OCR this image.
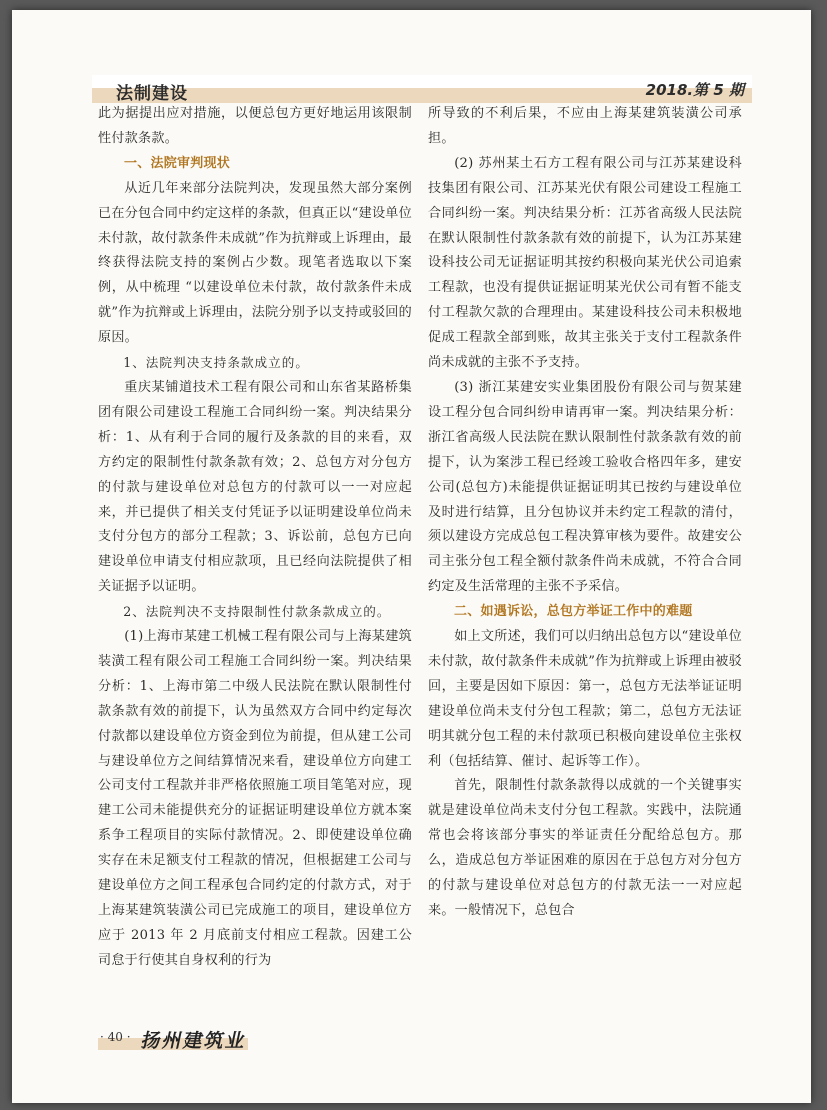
法制建设	2018.第 5 期

此为据提出应对措施，以便总包方更好地运用该限制性付款条款。

一、法院审判现状

从近几年来部分法院判决，发现虽然大部分案例已在分包合同中约定这样的条款，但真正以“建设单位未付款，故付款条件未成就”作为抗辩或上诉理由，最终获得法院支持的案例占少数。现笔者选取以下案例，从中梳理 “以建设单位未付款，故付款条件未成就”作为抗辩或上诉理由，法院分别予以支持或驳回的原因。

1、法院判决支持条款成立的。

重庆某铺道技术工程有限公司和山东省某路桥集团有限公司建设工程施工合同纠纷一案。判决结果分析：1、从有利于合同的履行及条款的目的来看，双方约定的限制性付款条款有效；2、总包方对分包方的付款与建设单位对总包方的付款可以一一对应起来，并已提供了相关支付凭证予以证明建设单位尚未支付分包方的部分工程款；3、诉讼前，总包方已向建设单位申请支付相应款项，且已经向法院提供了相关证据予以证明。

2、法院判决不支持限制性付款条款成立的。

(1)上海市某建工机械工程有限公司与上海某建筑装潢工程有限公司工程施工合同纠纷一案。判决结果分析：1、上海市第二中级人民法院在默认限制性付款条款有效的前提下，认为虽然双方合同中约定每次付款都以建设单位方资金到位为前提，但从建工公司与建设单位方之间结算情况来看，建设单位方向建工公司支付工程款并非严格依照施工项目笔笔对应，现建工公司未能提供充分的证据证明建设单位方就本案系争工程项目的实际付款情况。2、即使建设单位确实存在未足额支付工程款的情况，但根据建工公司与建设单位方之间工程承包合同约定的付款方式，对于上海某建筑装潢公司已完成施工的项目，建设单位方应于 2013 年 2 月底前支付相应工程款。因建工公司怠于行使其自身权利的行为

所导致的不利后果，不应由上海某建筑装潢公司承担。

(2) 苏州某土石方工程有限公司与江苏某建设科技集团有限公司、江苏某光伏有限公司建设工程施工合同纠纷一案。判决结果分析：江苏省高级人民法院在默认限制性付款条款有效的前提下，认为江苏某建设科技公司无证据证明其按约积极向某光伏公司追索工程款，也没有提供证据证明某光伏公司有暂不能支付工程款欠款的合理理由。某建设科技公司未积极地促成工程款全部到账，故其主张关于支付工程款条件尚未成就的主张不予支持。

(3) 浙江某建安实业集团股份有限公司与贺某建设工程分包合同纠纷申请再审一案。判决结果分析：浙江省高级人民法院在默认限制性付款条款有效的前提下，认为案涉工程已经竣工验收合格四年多，建安公司(总包方)未能提供证据证明其已按约与建设单位及时进行结算，且分包协议并未约定工程款的清付，须以建设方完成总包工程决算审核为要件。故建安公司主张分包工程全额付款条件尚未成就，不符合合同约定及生活常理的主张不予采信。

二、如遇诉讼，总包方举证工作中的难题

如上文所述，我们可以归纳出总包方以“建设单位未付款，故付款条件未成就”作为抗辩或上诉理由被驳回，主要是因如下原因：第一，总包方无法举证证明建设单位尚未支付分包工程款；第二，总包方无法证明其就分包工程的未付款项已积极向建设单位主张权利（包括结算、催讨、起诉等工作）。

首先，限制性付款条款得以成就的一个关键事实就是建设单位尚未支付分包工程款。实践中，法院通常也会将该部分事实的举证责任分配给总包方。那么，造成总包方举证困难的原因在于总包方对分包方的付款与建设单位对总包方的付款无法一一对应起来。一般情况下，总包合

· 40 · 扬州建筑业
